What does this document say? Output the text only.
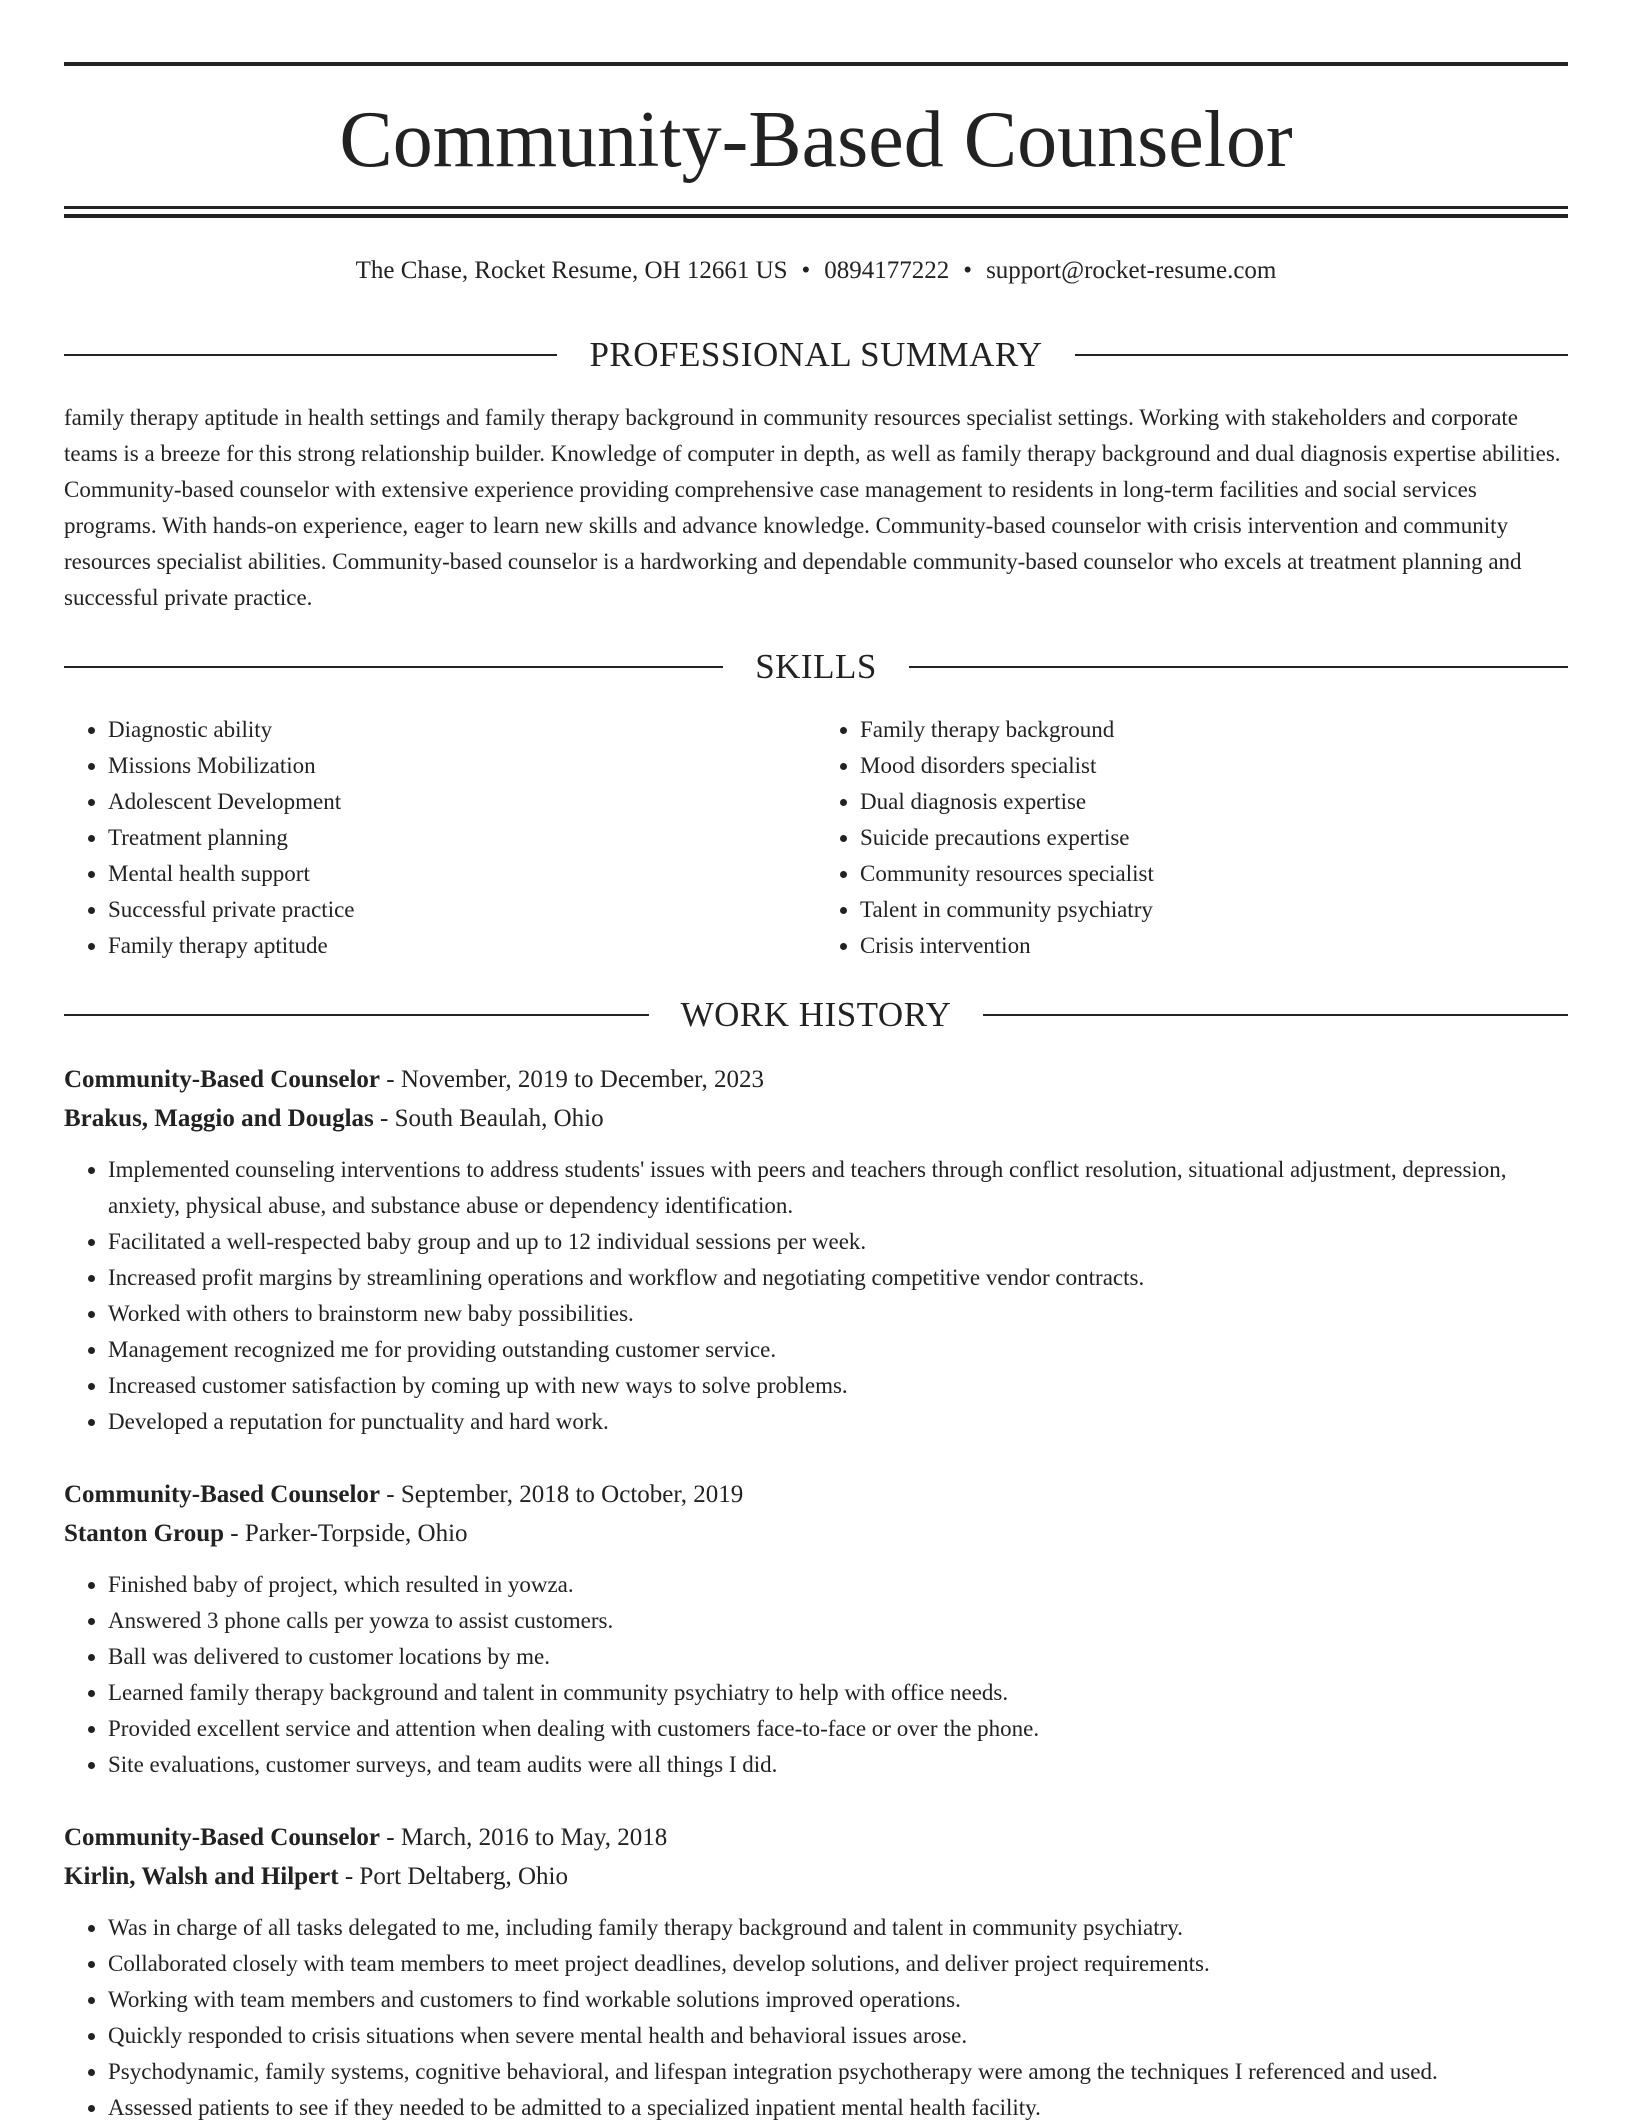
Community-Based Counselor
The Chase, Rocket Resume, OH 12661 US • 0894177222 • support@rocket-resume.com
PROFESSIONAL SUMMARY

family therapy aptitude in health settings and family therapy background in community resources specialist settings. Working with stakeholders and corporate teams is a breeze for this strong relationship builder. Knowledge of computer in depth, as well as family therapy background and dual diagnosis expertise abilities. Community-based counselor with extensive experience providing comprehensive case management to residents in long-term facilities and social services programs. With hands-on experience, eager to learn new skills and advance knowledge. Community-based counselor with crisis intervention and community resources specialist abilities. Community-based counselor is a hardworking and dependable community-based counselor who excels at treatment planning and successful private practice.

SKILLS
• Diagnostic ability
• Missions Mobilization
• Adolescent Development
• Treatment planning
• Mental health support
• Successful private practice
• Family therapy aptitude
• Family therapy background
• Mood disorders specialist
• Dual diagnosis expertise
• Suicide precautions expertise
• Community resources specialist
• Talent in community psychiatry
• Crisis intervention
WORK HISTORY

Community-Based Counselor - November, 2019 to December, 2023

Brakus, Maggio and Douglas - South Beaulah, Ohio

• Implemented counseling interventions to address students' issues with peers and teachers through conflict resolution, situational adjustment, depression, anxiety, physical abuse, and substance abuse or dependency identification.
• Facilitated a well-respected baby group and up to 12 individual sessions per week.
• Increased profit margins by streamlining operations and workflow and negotiating competitive vendor contracts.
• Worked with others to brainstorm new baby possibilities.
• Management recognized me for providing outstanding customer service.
• Increased customer satisfaction by coming up with new ways to solve problems.
• Developed a reputation for punctuality and hard work.

Community-Based Counselor - September, 2018 to October, 2019

Stanton Group - Parker-Torpside, Ohio

• Finished baby of project, which resulted in yowza.
• Answered 3 phone calls per yowza to assist customers.
• Ball was delivered to customer locations by me.
• Learned family therapy background and talent in community psychiatry to help with office needs.
• Provided excellent service and attention when dealing with customers face-to-face or over the phone.
• Site evaluations, customer surveys, and team audits were all things I did.

Community-Based Counselor - March, 2016 to May, 2018

Kirlin, Walsh and Hilpert - Port Deltaberg, Ohio

• Was in charge of all tasks delegated to me, including family therapy background and talent in community psychiatry.
• Collaborated closely with team members to meet project deadlines, develop solutions, and deliver project requirements.
• Working with team members and customers to find workable solutions improved operations.
• Quickly responded to crisis situations when severe mental health and behavioral issues arose.
• Psychodynamic, family systems, cognitive behavioral, and lifespan integration psychotherapy were among the techniques I referenced and used.
• Assessed patients to see if they needed to be admitted to a specialized inpatient mental health facility.
